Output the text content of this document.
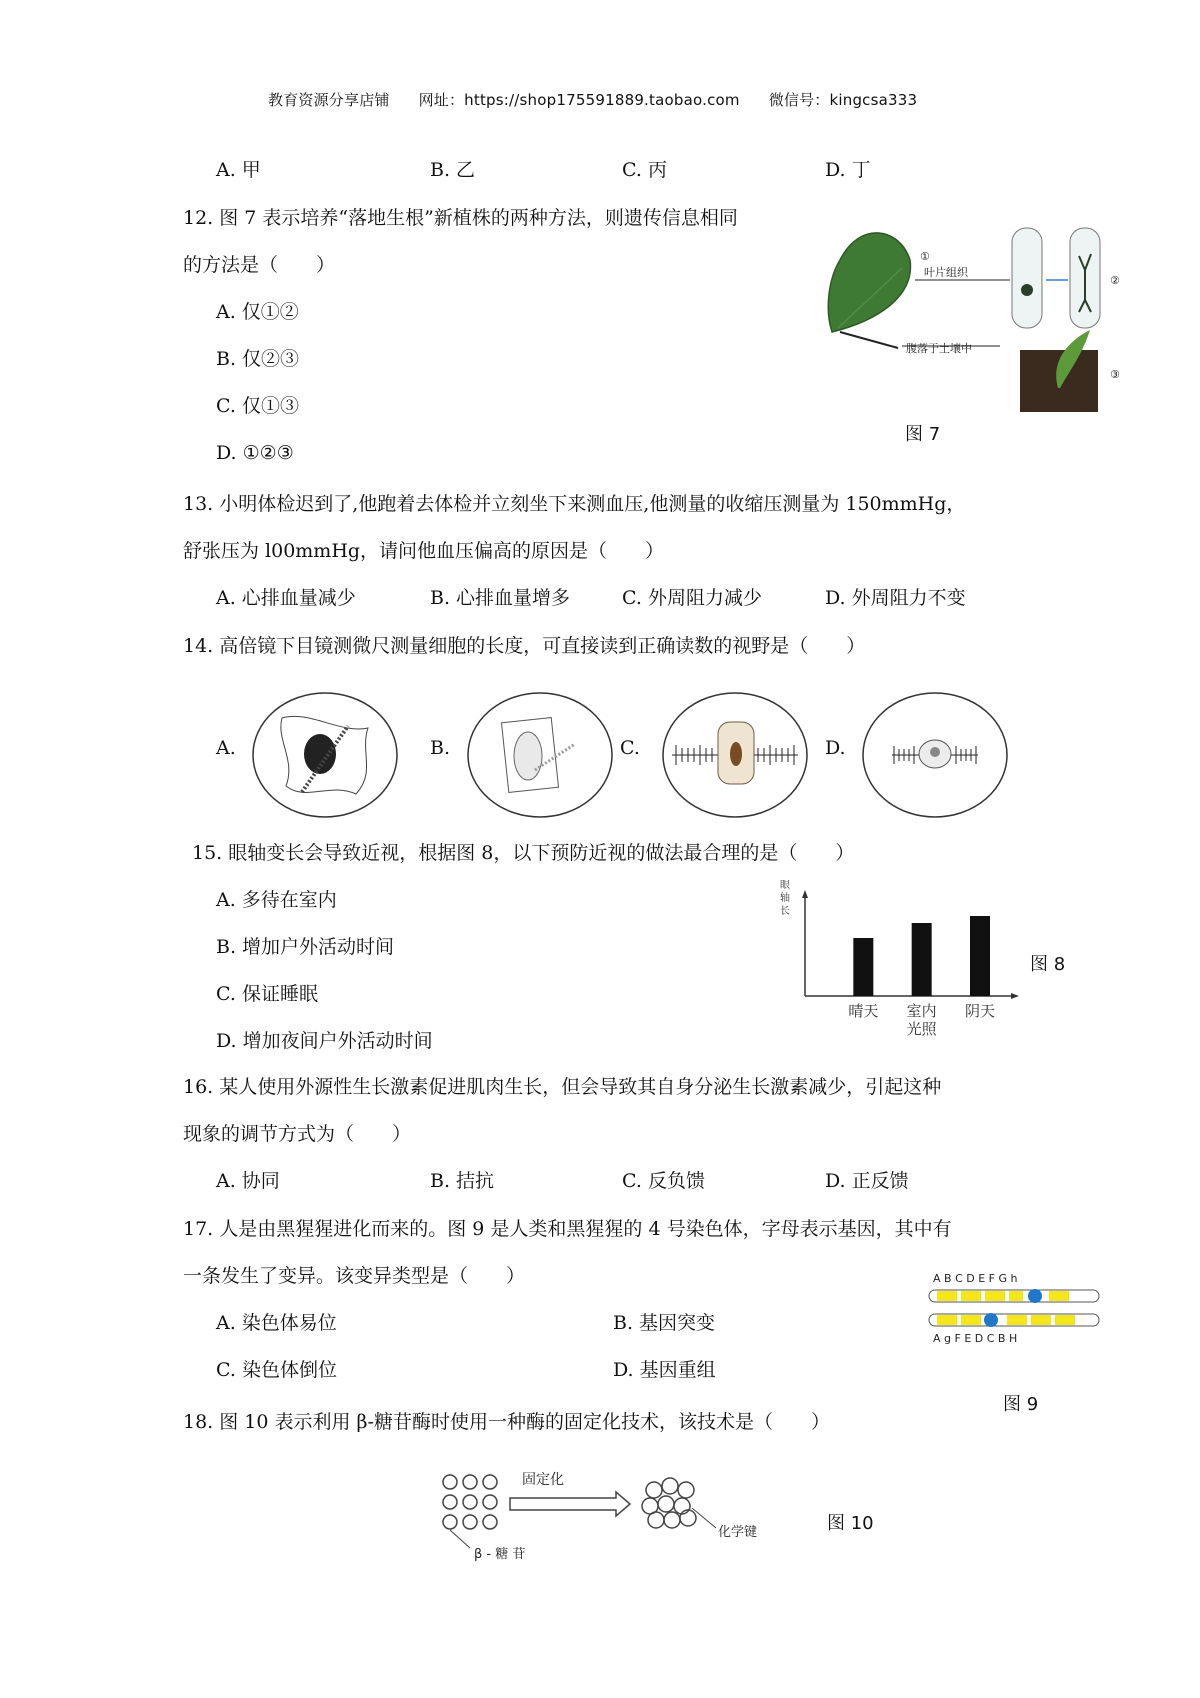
教育资源分享店铺 网址：https://shop175591889.taobao.com 微信号：kingcsa333
A. 甲	B. 乙	C. 丙	D. 丁
12. 图 7 表示培养“落地生根”新植株的两种方法，则遗传信息相同
的方法是（　　）
A. 仅①②
B. 仅②③
C. 仅①③
D. ①②③
①
叶片组织
②
腹落于土壤中
③
图 7
13. 小明体检迟到了,他跑着去体检并立刻坐下来测血压,他测量的收缩压测量为 150mmHg，
舒张压为 l00mmHg，请问他血压偏高的原因是（　　）
A. 心排血量减少	B. 心排血量增多	C. 外周阻力减少	D. 外周阻力不变
14. 高倍镜下目镜测微尺测量细胞的长度，可直接读到正确读数的视野是（　　）
A.	B.	C.	D.
15. 眼轴变长会导致近视，根据图 8，以下预防近视的做法最合理的是（　　）
A. 多待在室内
B. 增加户外活动时间
C. 保证睡眠
D. 增加夜间户外活动时间
眼
轴
长
晴天 室内
光照
阴天
图 8
16. 某人使用外源性生长激素促进肌肉生长，但会导致其自身分泌生长激素减少，引起这种
现象的调节方式为（　　）
A. 协同	B. 拮抗	C. 反负馈	D. 正反馈
17. 人是由黑猩猩进化而来的。图 9 是人类和黑猩猩的 4 号染色体，字母表示基因，其中有
一条发生了变异。该变异类型是（　　）
A. 染色体易位	B. 基因突变
C. 染色体倒位	D. 基因重组
A B C D E F G h
A g F E D C B H
图 9
18. 图 10 表示利用 β-糖苷酶时使用一种酶的固定化技术，该技术是（　　）
β - 糖 苷
固定化
化学键	图 10
